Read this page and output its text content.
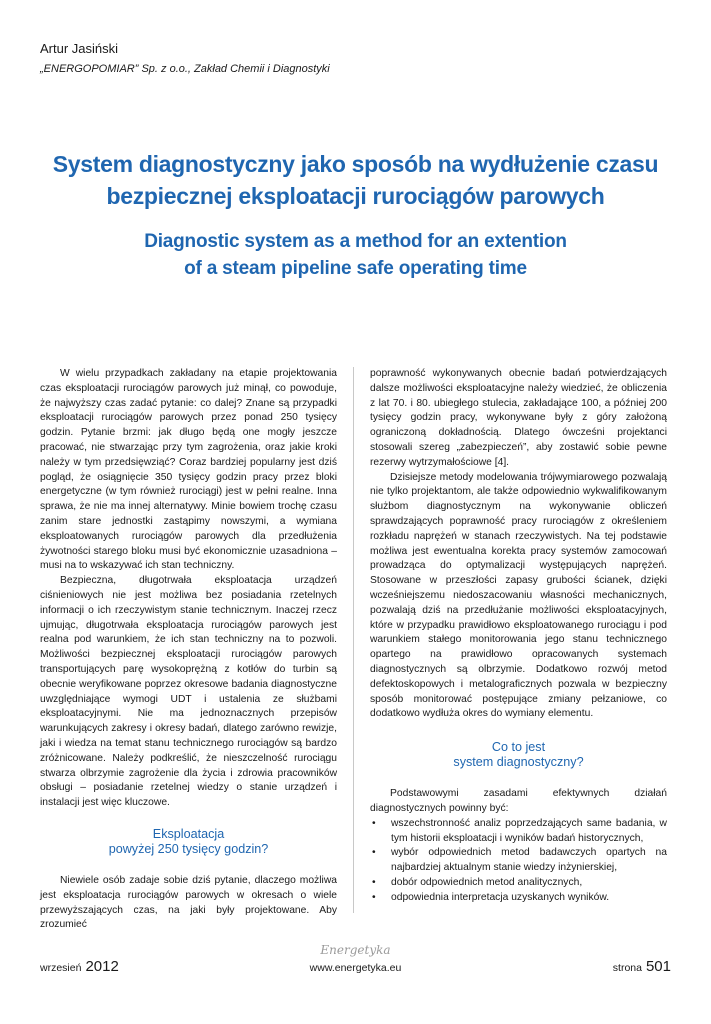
Artur Jasiński
„ENERGOPOMIAR” Sp. z o.o., Zakład Chemii i Diagnostyki
System diagnostyczny jako sposób na wydłużenie czasu
bezpiecznej eksploatacji rurociągów parowych
Diagnostic system as a method for an extention
of a steam pipeline safe operating time

W wielu przypadkach zakładany na etapie projektowania czas eksploatacji rurociągów parowych już minął, co powoduje, że najwyższy czas zadać pytanie: co dalej? Znane są przypadki eksploatacji rurociągów parowych przez ponad 250 tysięcy godzin. Pytanie brzmi: jak długo będą one mogły jeszcze pracować, nie stwarzając przy tym zagrożenia, oraz jakie kroki należy w tym przedsięwziąć? Coraz bardziej popularny jest dziś pogląd, że osiągnięcie 350 tysięcy godzin pracy przez bloki energetyczne (w tym również rurociągi) jest w pełni realne. Inna sprawa, że nie ma innej alternatywy. Minie bowiem trochę czasu zanim stare jednostki zastąpimy nowszymi, a wymiana eksploatowanych rurociągów parowych dla przedłużenia żywotności starego bloku musi być ekonomicznie uzasadniona – musi na to wskazywać ich stan techniczny.

Bezpieczna, długotrwała eksploatacja urządzeń ciśnieniowych nie jest możliwa bez posiadania rzetelnych informacji o ich rzeczywistym stanie technicznym. Inaczej rzecz ujmując, długotrwała eksploatacja rurociągów parowych jest realna pod warunkiem, że ich stan techniczny na to pozwoli. Możliwości bezpiecznej eksploatacji rurociągów parowych transportujących parę wysokoprężną z kotłów do turbin są obecnie weryfikowane poprzez okresowe badania diagnostyczne uwzględniające wymogi UDT i ustalenia ze służbami eksploatacyjnymi. Nie ma jednoznacznych przepisów warunkujących zakresy i okresy badań, dlatego zarówno rewizje, jaki i wiedza na temat stanu technicznego rurociągów są bardzo zróżnicowane. Należy podkreślić, że nieszczelność rurociągu stwarza olbrzymie zagrożenie dla życia i zdrowia pracowników obsługi – posiadanie rzetelnej wiedzy o stanie urządzeń i instalacji jest więc kluczowe.

Eksploatacja
powyżej 250 tysięcy godzin?

Niewiele osób zadaje sobie dziś pytanie, dlaczego możliwa jest eksploatacja rurociągów parowych w okresach o wiele przewyższających czas, na jaki były projektowane. Aby zrozumieć

poprawność wykonywanych obecnie badań potwierdzających dalsze możliwości eksploatacyjne należy wiedzieć, że obliczenia z lat 70. i 80. ubiegłego stulecia, zakładające 100, a później 200 tysięcy godzin pracy, wykonywane były z góry założoną ograniczoną dokładnością. Dlatego ówcześni projektanci stosowali szereg „zabezpieczeń”, aby zostawić sobie pewne rezerwy wytrzymałościowe [4].

Dzisiejsze metody modelowania trójwymiarowego pozwalają nie tylko projektantom, ale także odpowiednio wykwalifikowanym służbom diagnostycznym na wykonywanie obliczeń sprawdzających poprawność pracy rurociągów z określeniem rozkładu naprężeń w stanach rzeczywistych. Na tej podstawie możliwa jest ewentualna korekta pracy systemów zamocowań prowadząca do optymalizacji występujących naprężeń. Stosowane w przeszłości zapasy grubości ścianek, dzięki wcześniejszemu niedoszacowaniu własności mechanicznych, pozwalają dziś na przedłużanie możliwości eksploatacyjnych, które w przypadku prawidłowo eksploatowanego rurociągu i pod warunkiem stałego monitorowania jego stanu technicznego opartego na prawidłowo opracowanych systemach diagnostycznych są olbrzymie. Dodatkowo rozwój metod defektoskopowych i metalograficznych pozwala w bezpieczny sposób monitorować postępujące zmiany pełzaniowe, co dodatkowo wydłuża okres do wymiany elementu.

Co to jest
system diagnostyczny?

Podstawowymi zasadami efektywnych działań diagnostycznych powinny być:

• wszechstronność analiz poprzedzających same badania, w tym historii eksploatacji i wyników badań historycznych,
• wybór odpowiednich metod badawczych opartych na najbardziej aktualnym stanie wiedzy inżynierskiej,
• dobór odpowiednich metod analitycznych,
• odpowiednia interpretacja uzyskanych wyników.
Energetyka
wrzesień 2012	www.energetyka.eu	strona 501
